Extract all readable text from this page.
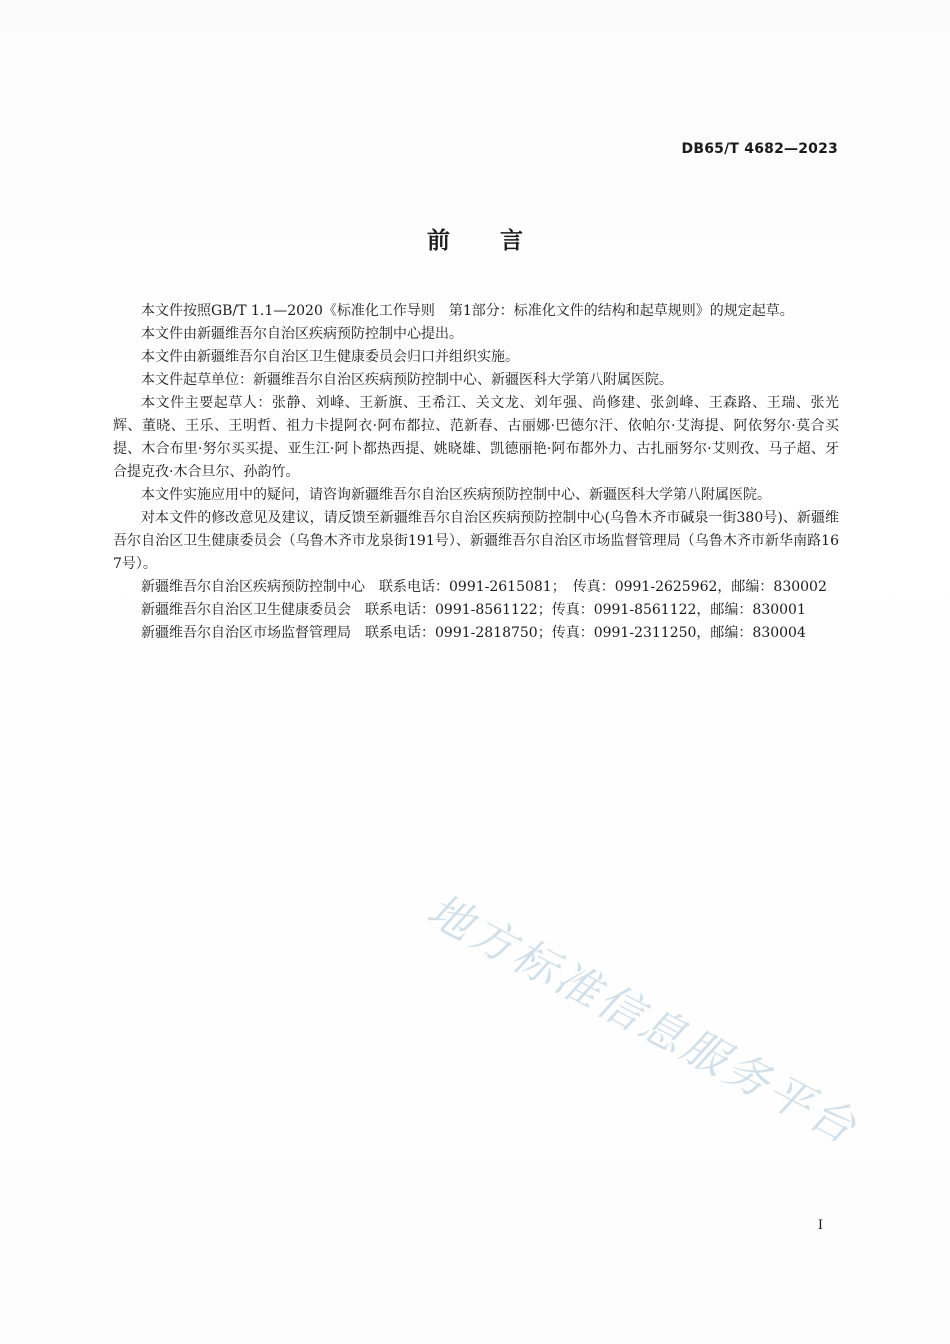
DB65/T 4682—2023
前言

本文件按照GB/T 1.1—2020《标准化工作导则　第1部分：标准化文件的结构和起草规则》的规定起草。

本文件由新疆维吾尔自治区疾病预防控制中心提出。

本文件由新疆维吾尔自治区卫生健康委员会归口并组织实施。

本文件起草单位：新疆维吾尔自治区疾病预防控制中心、新疆医科大学第八附属医院。

本文件主要起草人：张静、刘峰、王新旗、王希江、关文龙、刘年强、尚修建、张剑峰、王森路、王瑞、张光辉、董晓、王乐、王明哲、祖力卡提阿衣·阿布都拉、范新春、古丽娜·巴德尔汗、依帕尔·艾海提、阿依努尔·莫合买提、木合布里·努尔买买提、亚生江·阿卜都热西提、姚晓雄、凯德丽艳·阿布都外力、古扎丽努尔·艾则孜、马子超、牙合提克孜·木合旦尔、孙韵竹。

本文件实施应用中的疑问，请咨询新疆维吾尔自治区疾病预防控制中心、新疆医科大学第八附属医院。

对本文件的修改意见及建议，请反馈至新疆维吾尔自治区疾病预防控制中心(乌鲁木齐市碱泉一街380号)、新疆维吾尔自治区卫生健康委员会（乌鲁木齐市龙泉街191号）、新疆维吾尔自治区市场监督管理局（乌鲁木齐市新华南路167号）。

新疆维吾尔自治区疾病预防控制中心　联系电话：0991-2615081；　传真：0991-2625962，邮编：830002

新疆维吾尔自治区卫生健康委员会　联系电话：0991-8561122；传真：0991-8561122，邮编：830001

新疆维吾尔自治区市场监督管理局　联系电话：0991-2818750；传真：0991-2311250，邮编：830004

地方标准信息服务平台
I
